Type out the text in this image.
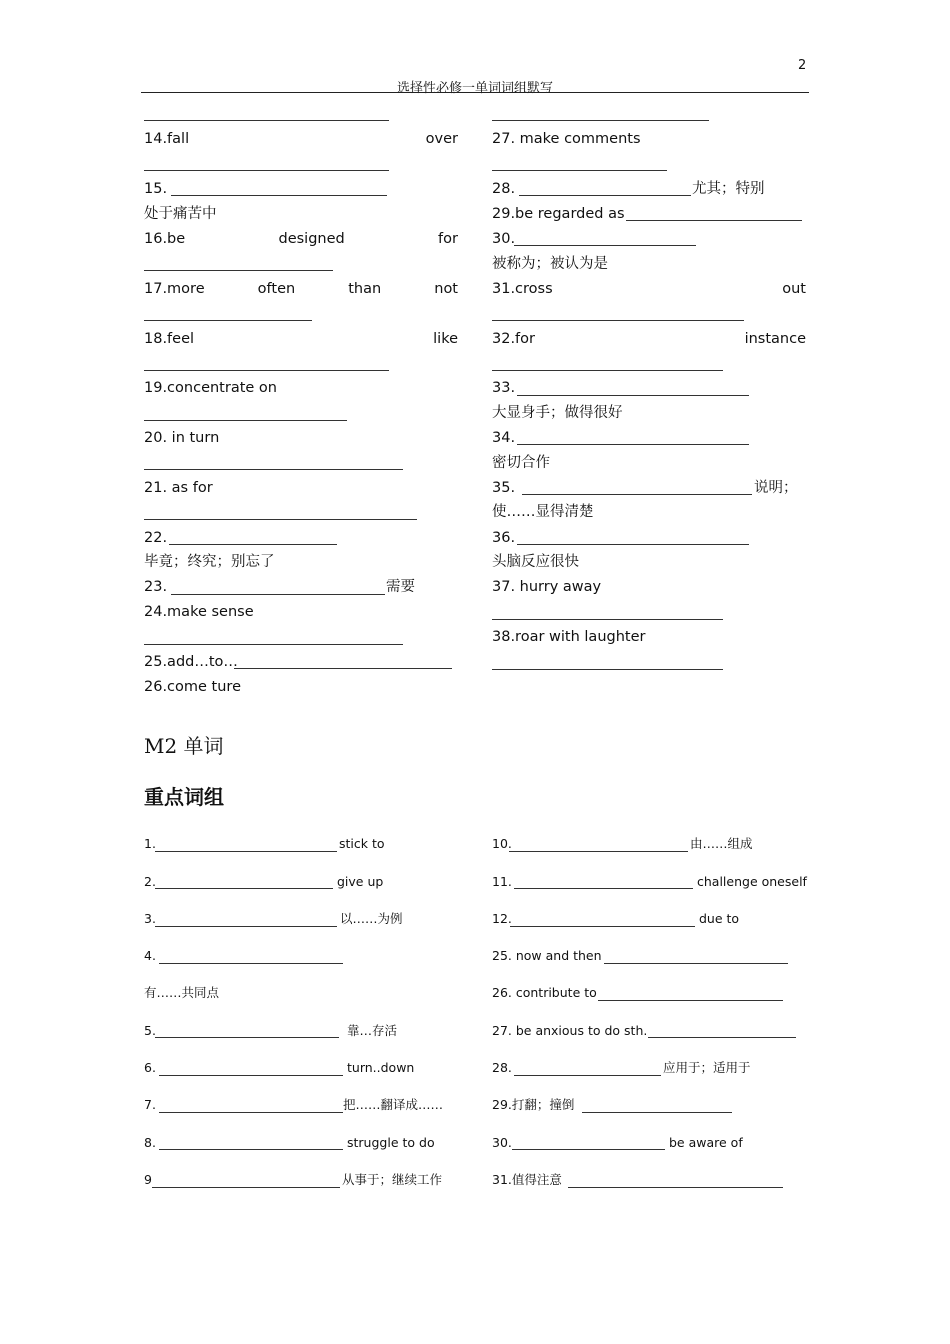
2
选择性必修一单词词组默写
14.fall	over
15.
处于痛苦中
16.be	designed	for
17.more	often	than	not
18.feel	like
19.concentrate on
20. in turn
21. as for
22.
毕竟；终究；别忘了
23.	需要
24.make sense
25.add…to…
26.come ture
27. make comments
28.	尤其；特别
29.be regarded as
30.
被称为；被认为是
31.cross	out
32.for	instance
33.
大显身手；做得很好
34.
密切合作
35.	说明；
使……显得清楚
36.
头脑反应很快
37. hurry away
38.roar with laughter
M2 单词
重点词组
1.	stick to
2.	give up
3.	以……为例
4.
有……共同点
5.	靠…存活
6.	turn..down
7.	把……翻译成……
8.	struggle to do
9	从事于；继续工作
10.	由……组成
11.	challenge oneself
12.	due to
25. now and then
26. contribute to
27. be anxious to do sth.
28.	应用于；适用于
29.打翻；撞倒
30.	be aware of
31.值得注意
